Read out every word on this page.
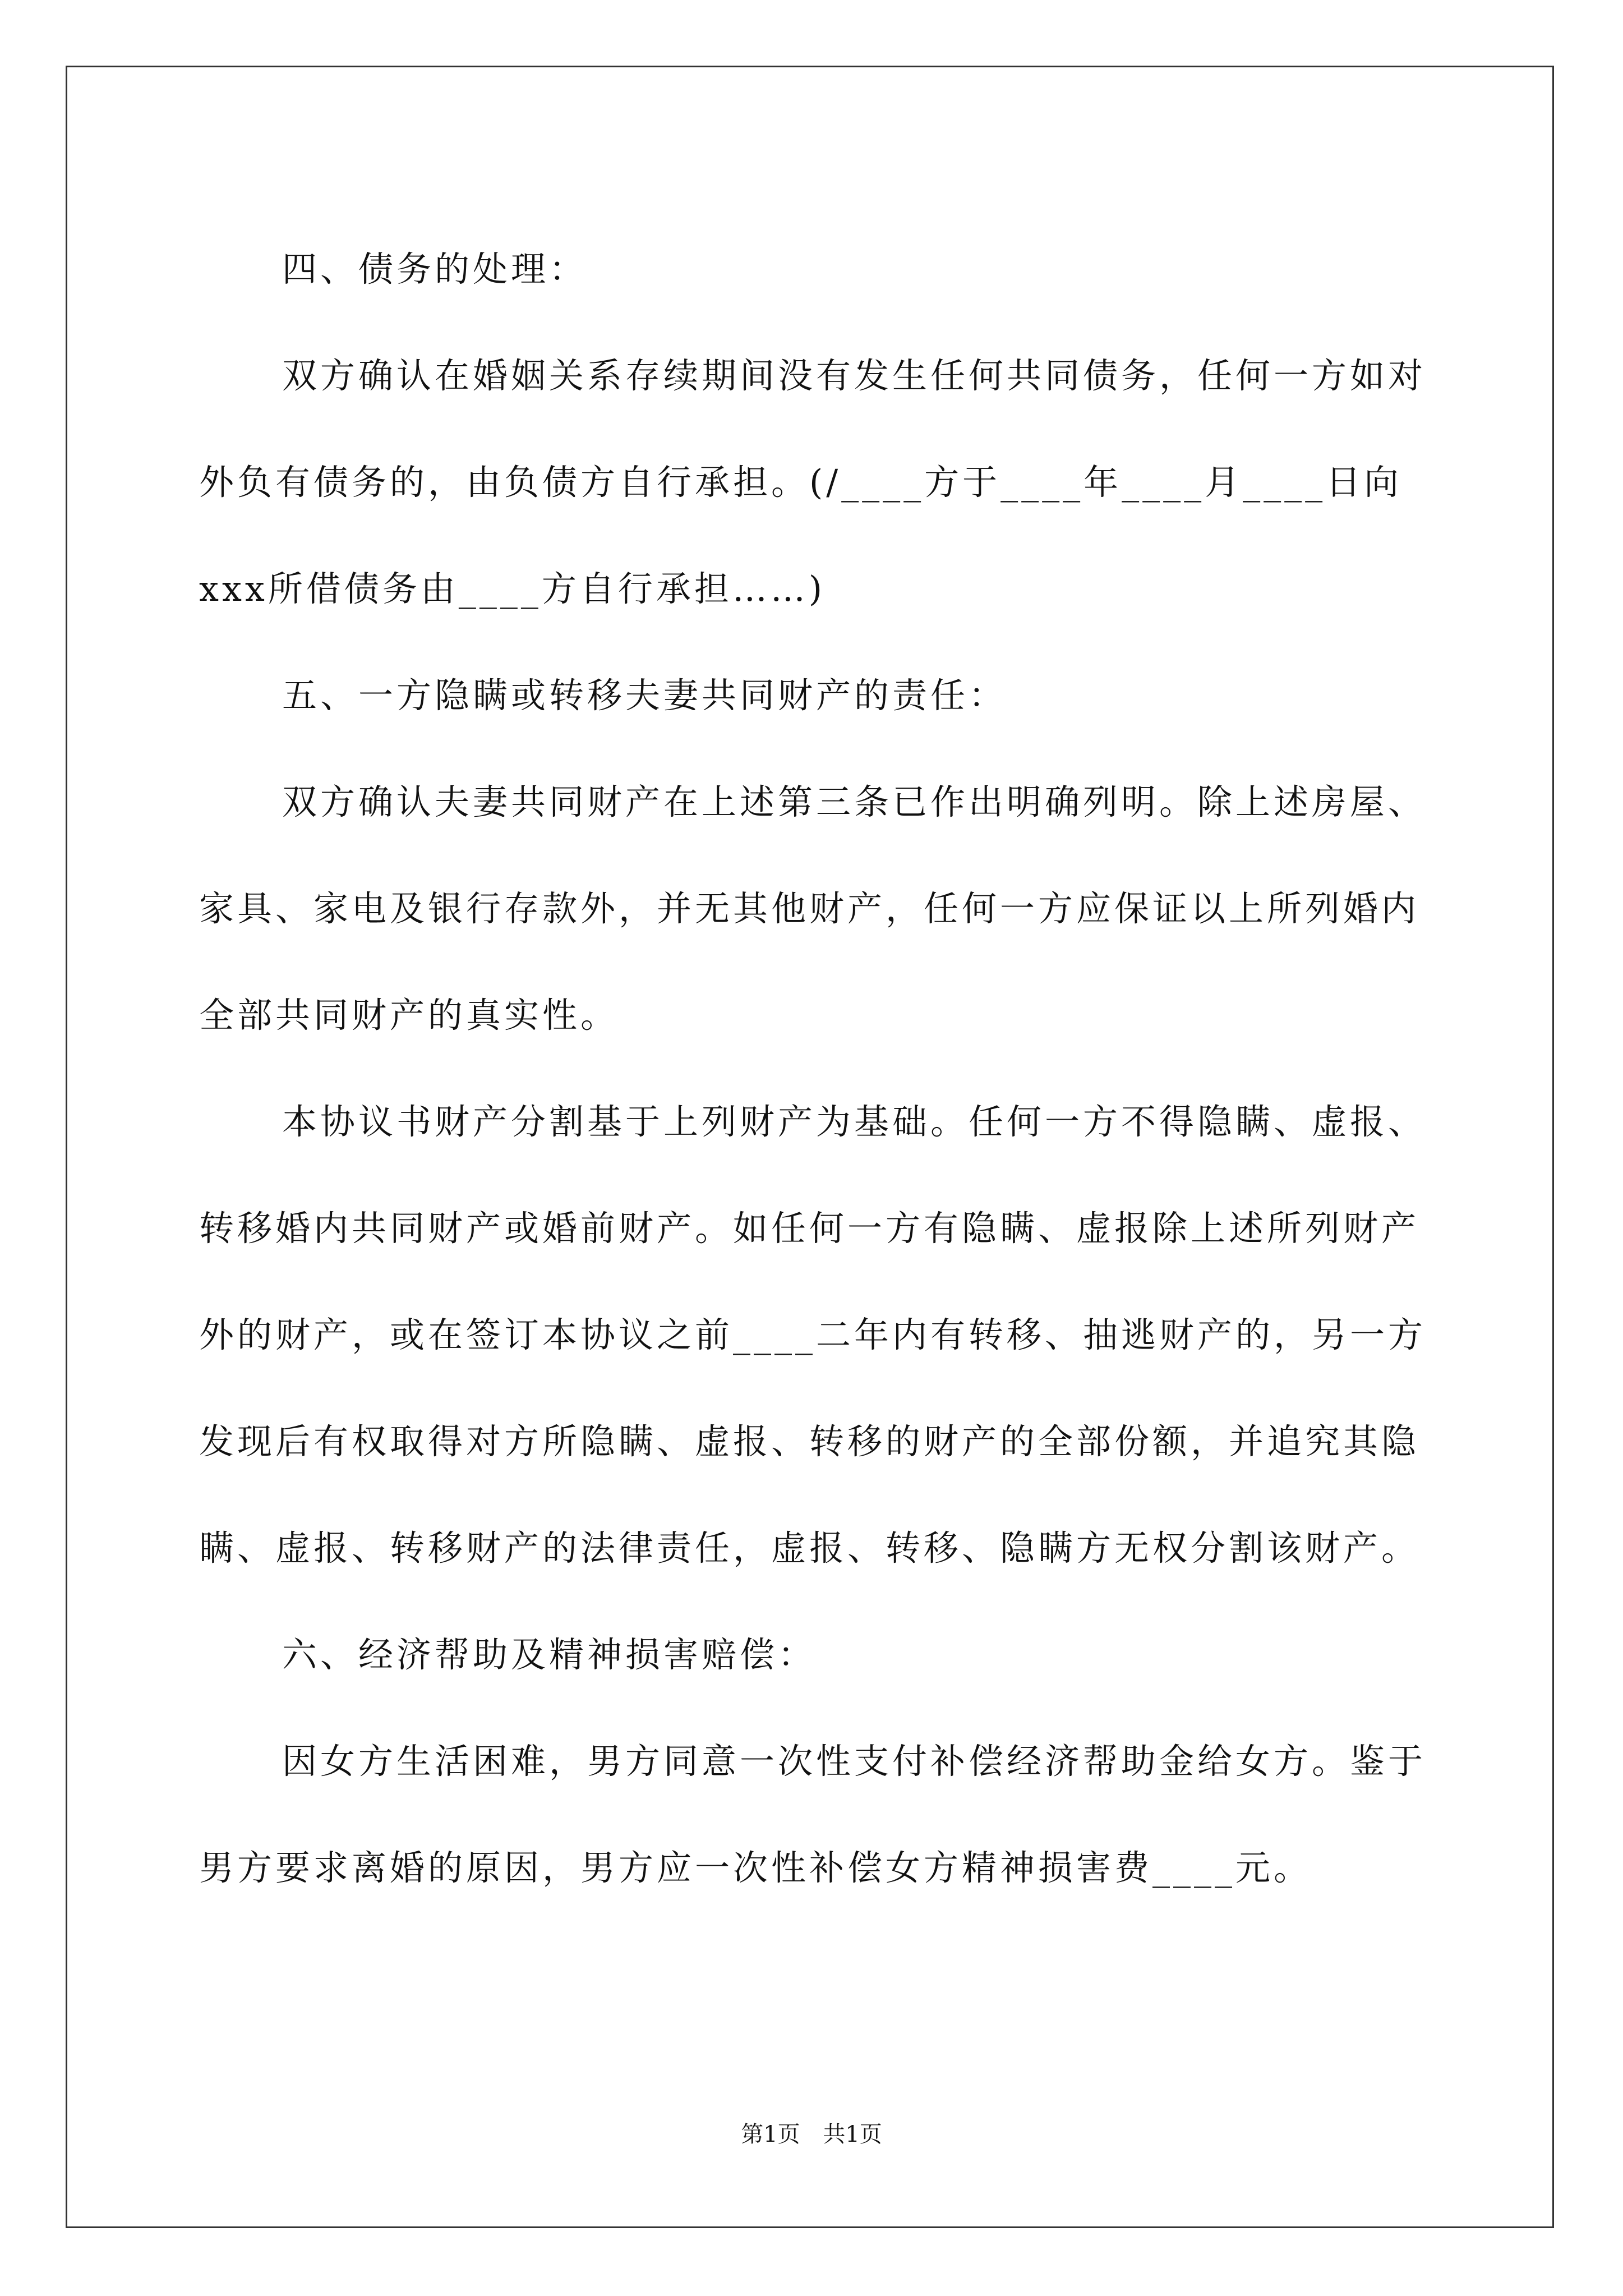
四、债务的处理：

双方确认在婚姻关系存续期间没有发生任何共同债务，任何一方如对外负有债务的，由负债方自行承担。(/____方于____年____月____日向xxx所借债务由____方自行承担……)

五、一方隐瞒或转移夫妻共同财产的责任：

双方确认夫妻共同财产在上述第三条已作出明确列明。除上述房屋、家具、家电及银行存款外，并无其他财产，任何一方应保证以上所列婚内全部共同财产的真实性。

本协议书财产分割基于上列财产为基础。任何一方不得隐瞒、虚报、转移婚内共同财产或婚前财产。如任何一方有隐瞒、虚报除上述所列财产外的财产，或在签订本协议之前____二年内有转移、抽逃财产的，另一方发现后有权取得对方所隐瞒、虚报、转移的财产的全部份额，并追究其隐瞒、虚报、转移财产的法律责任，虚报、转移、隐瞒方无权分割该财产。

六、经济帮助及精神损害赔偿：

因女方生活困难，男方同意一次性支付补偿经济帮助金给女方。鉴于男方要求离婚的原因，男方应一次性补偿女方精神损害费____元。

第1页 共1页
